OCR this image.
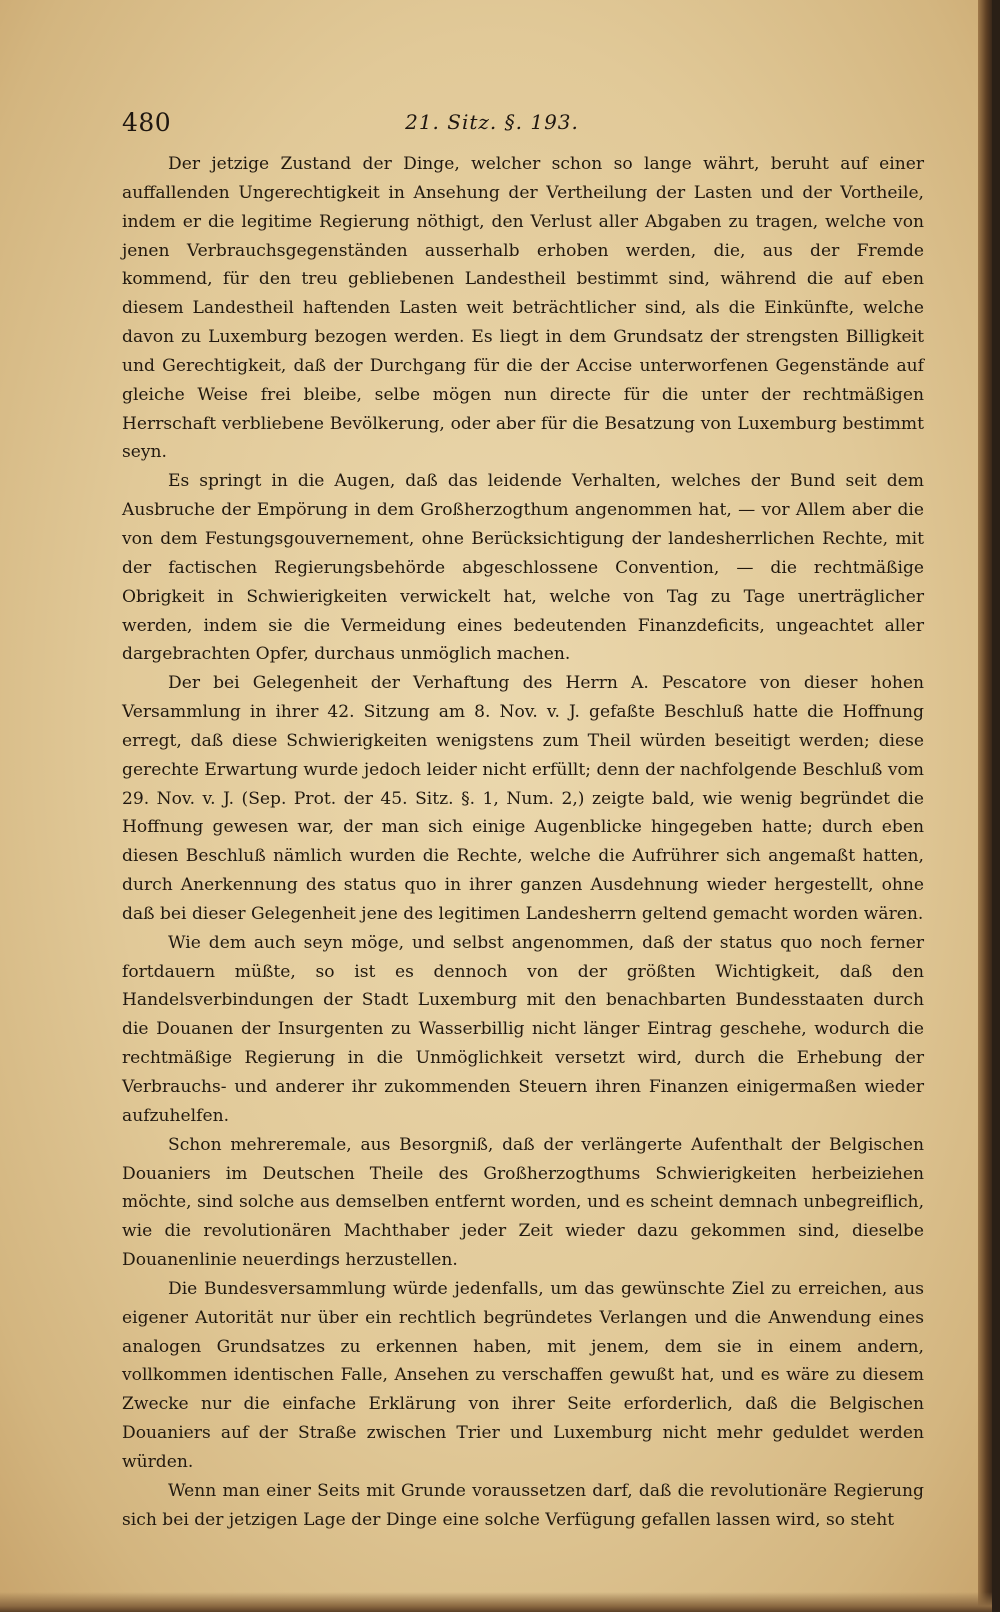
480	21. Sitz. §. 193.

Der jetzige Zustand der Dinge, welcher schon so lange währt, beruht auf einer auffallenden Ungerechtigkeit in Ansehung der Vertheilung der Lasten und der Vortheile, indem er die legitime Regierung nöthigt, den Verlust aller Abgaben zu tragen, welche von jenen Verbrauchsgegenständen ausserhalb erhoben werden, die, aus der Fremde kommend, für den treu gebliebenen Landestheil bestimmt sind, während die auf eben diesem Landestheil haftenden Lasten weit beträchtlicher sind, als die Einkünfte, welche davon zu Luxemburg bezogen werden. Es liegt in dem Grundsatz der strengsten Billigkeit und Gerechtigkeit, daß der Durchgang für die der Accise unterworfenen Gegenstände auf gleiche Weise frei bleibe, selbe mögen nun directe für die unter der rechtmäßigen Herrschaft verbliebene Bevölkerung, oder aber für die Besatzung von Luxemburg bestimmt seyn.

Es springt in die Augen, daß das leidende Verhalten, welches der Bund seit dem Ausbruche der Empörung in dem Großherzogthum angenommen hat, — vor Allem aber die von dem Festungsgouvernement, ohne Berücksichtigung der landesherrlichen Rechte, mit der factischen Regierungsbehörde abgeschlossene Convention, — die rechtmäßige Obrigkeit in Schwierigkeiten verwickelt hat, welche von Tag zu Tage unerträglicher werden, indem sie die Vermeidung eines bedeutenden Finanzdeficits, ungeachtet aller dargebrachten Opfer, durchaus unmöglich machen.

Der bei Gelegenheit der Verhaftung des Herrn A. Pescatore von dieser hohen Versammlung in ihrer 42. Sitzung am 8. Nov. v. J. gefaßte Beschluß hatte die Hoffnung erregt, daß diese Schwierigkeiten wenigstens zum Theil würden beseitigt werden; diese gerechte Erwartung wurde jedoch leider nicht erfüllt; denn der nachfolgende Beschluß vom 29. Nov. v. J. (Sep. Prot. der 45. Sitz. §. 1, Num. 2,) zeigte bald, wie wenig begründet die Hoffnung gewesen war, der man sich einige Augenblicke hingegeben hatte; durch eben diesen Beschluß nämlich wurden die Rechte, welche die Aufrührer sich angemaßt hatten, durch Anerkennung des status quo in ihrer ganzen Ausdehnung wieder hergestellt, ohne daß bei dieser Gelegenheit jene des legitimen Landesherrn geltend gemacht worden wären.

Wie dem auch seyn möge, und selbst angenommen, daß der status quo noch ferner fortdauern müßte, so ist es dennoch von der größten Wichtigkeit, daß den Handelsverbindungen der Stadt Luxemburg mit den benachbarten Bundesstaaten durch die Douanen der Insurgenten zu Wasserbillig nicht länger Eintrag geschehe, wodurch die rechtmäßige Regierung in die Unmöglichkeit versetzt wird, durch die Erhebung der Verbrauchs- und anderer ihr zukommenden Steuern ihren Finanzen einigermaßen wieder aufzuhelfen.

Schon mehreremale, aus Besorgniß, daß der verlängerte Aufenthalt der Belgischen Douaniers im Deutschen Theile des Großherzogthums Schwierigkeiten herbeiziehen möchte, sind solche aus demselben entfernt worden, und es scheint demnach unbegreiflich, wie die revolutionären Machthaber jeder Zeit wieder dazu gekommen sind, dieselbe Douanenlinie neuerdings herzustellen.

Die Bundesversammlung würde jedenfalls, um das gewünschte Ziel zu erreichen, aus eigener Autorität nur über ein rechtlich begründetes Verlangen und die Anwendung eines analogen Grundsatzes zu erkennen haben, mit jenem, dem sie in einem andern, vollkommen identischen Falle, Ansehen zu verschaffen gewußt hat, und es wäre zu diesem Zwecke nur die einfache Erklärung von ihrer Seite erforderlich, daß die Belgischen Douaniers auf der Straße zwischen Trier und Luxemburg nicht mehr geduldet werden würden.

Wenn man einer Seits mit Grunde voraussetzen darf, daß die revolutionäre Regierung sich bei der jetzigen Lage der Dinge eine solche Verfügung gefallen lassen wird, so steht
